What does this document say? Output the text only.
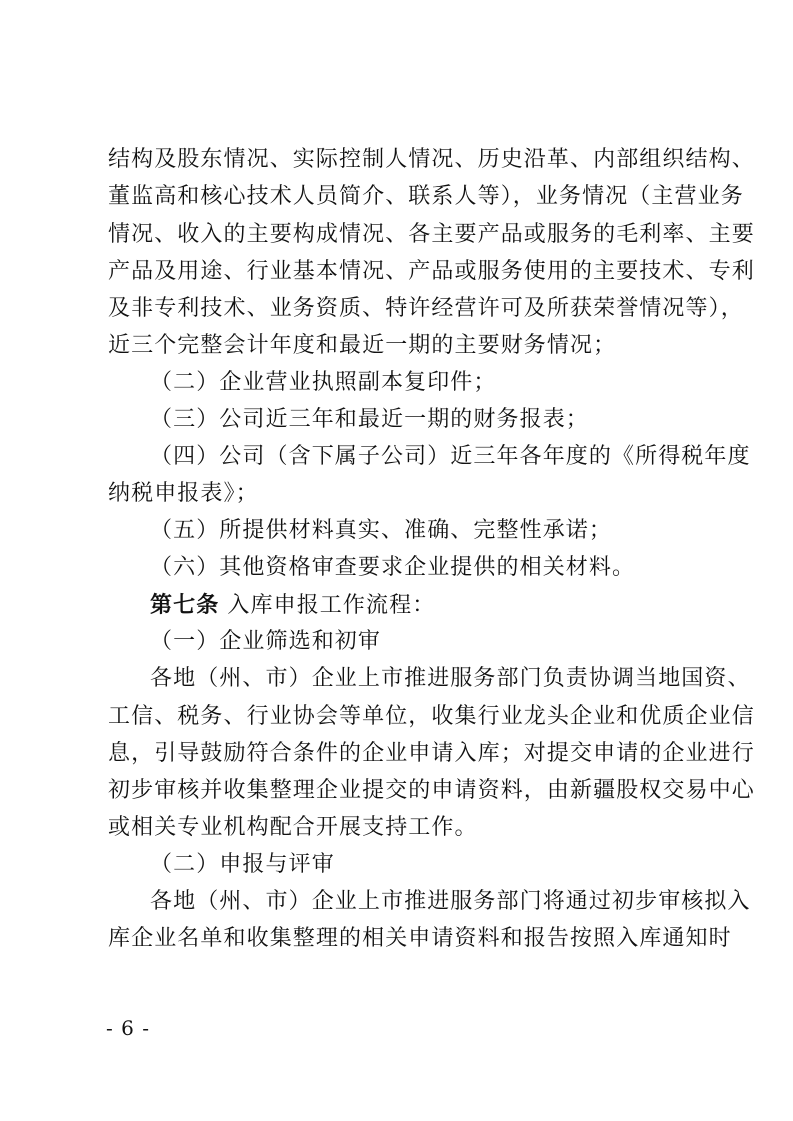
结构及股东情况、实际控制人情况、历史沿革、内部组织结构、
董监高和核心技术人员简介、联系人等），业务情况（主营业务
情况、收入的主要构成情况、各主要产品或服务的毛利率、主要
产品及用途、行业基本情况、产品或服务使用的主要技术、专利
及非专利技术、业务资质、特许经营许可及所获荣誉情况等），
近三个完整会计年度和最近一期的主要财务情况；
（二）企业营业执照副本复印件；
（三）公司近三年和最近一期的财务报表；
（四）公司（含下属子公司）近三年各年度的《所得税年度
纳税申报表》；
（五）所提供材料真实、准确、完整性承诺；
（六）其他资格审查要求企业提供的相关材料。
第七条 入库申报工作流程：
（一）企业筛选和初审
各地（州、市）企业上市推进服务部门负责协调当地国资、
工信、税务、行业协会等单位，收集行业龙头企业和优质企业信
息，引导鼓励符合条件的企业申请入库；对提交申请的企业进行
初步审核并收集整理企业提交的申请资料，由新疆股权交易中心
或相关专业机构配合开展支持工作。
（二）申报与评审
各地（州、市）企业上市推进服务部门将通过初步审核拟入
库企业名单和收集整理的相关申请资料和报告按照入库通知时
- 6 -
